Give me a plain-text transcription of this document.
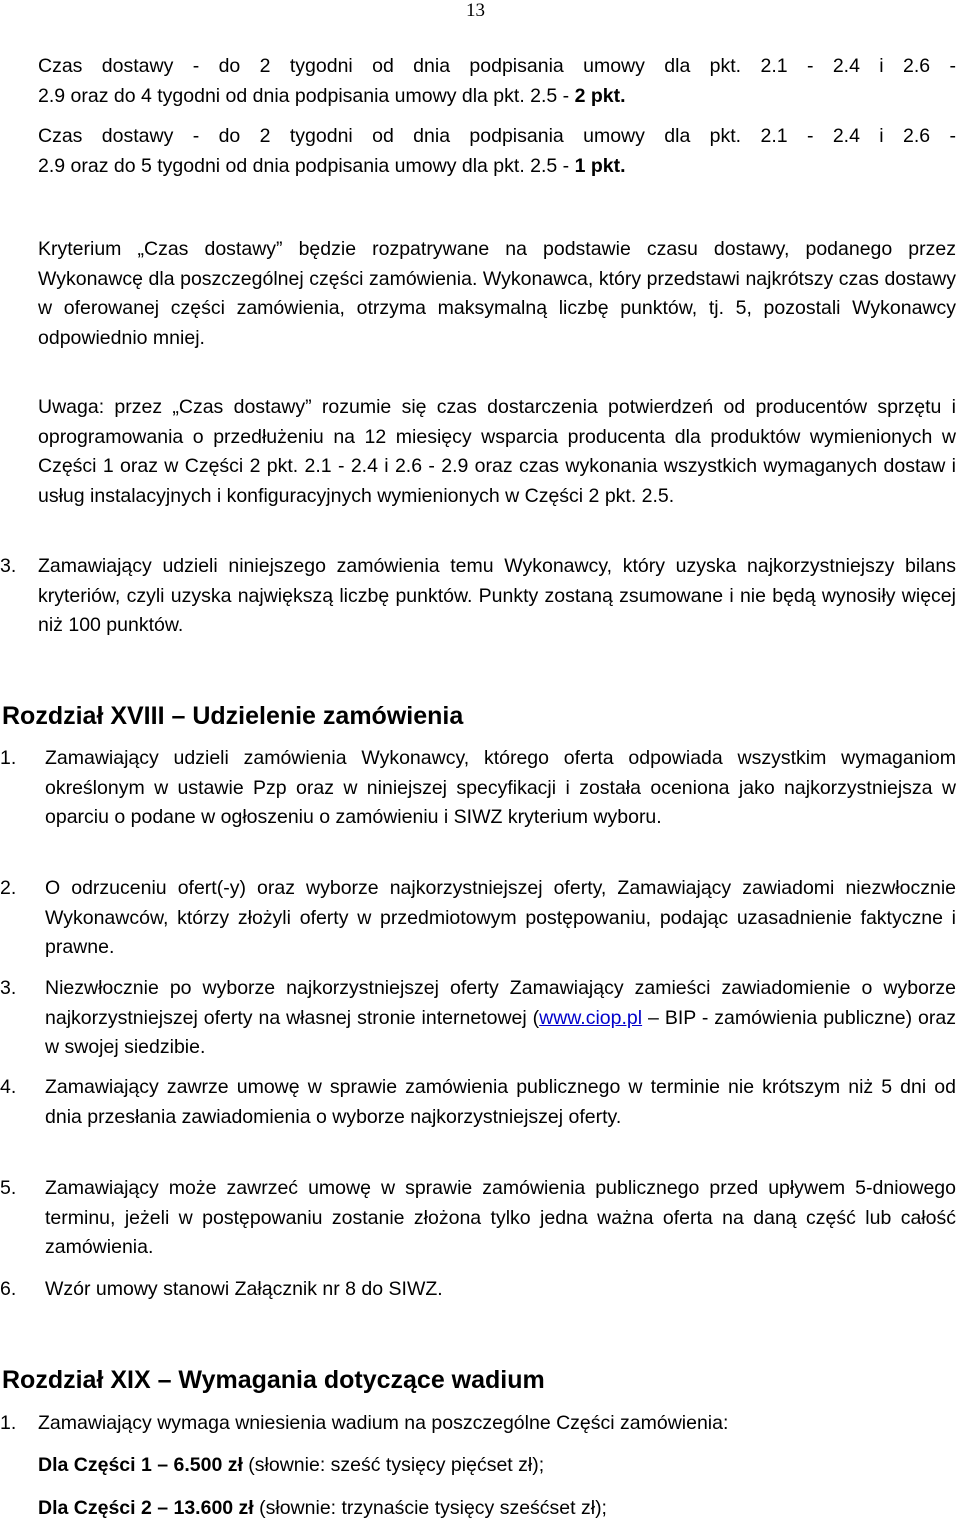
13
Czas dostawy - do 2 tygodni od dnia podpisania umowy dla pkt. 2.1 - 2.4 i 2.6 -
2.9 oraz do 4 tygodni od dnia podpisania umowy dla pkt. 2.5 - 2 pkt.
Czas dostawy - do 2 tygodni od dnia podpisania umowy dla pkt. 2.1 - 2.4 i 2.6 -
2.9 oraz do 5 tygodni od dnia podpisania umowy dla pkt. 2.5 - 1 pkt.
Kryterium „Czas dostawy” będzie rozpatrywane na podstawie czasu dostawy, podanego przez Wykonawcę dla poszczególnej części zamówienia. Wykonawca, który przedstawi najkrótszy czas dostawy w oferowanej części zamówienia, otrzyma maksymalną liczbę punktów, tj. 5, pozostali Wykonawcy odpowiednio mniej.
Uwaga: przez „Czas dostawy” rozumie się czas dostarczenia potwierdzeń od producentów sprzętu i oprogramowania o przedłużeniu na 12 miesięcy wsparcia producenta dla produktów wymienionych w Części 1 oraz w Części 2 pkt. 2.1 - 2.4 i 2.6 - 2.9 oraz czas wykonania wszystkich wymaganych dostaw i usług instalacyjnych i konfiguracyjnych wymienionych w Części 2 pkt. 2.5.
3.	Zamawiający udzieli niniejszego zamówienia temu Wykonawcy, który uzyska najkorzystniejszy bilans kryteriów, czyli uzyska największą liczbę punktów. Punkty zostaną zsumowane i nie będą wynosiły więcej niż 100 punktów.
Rozdział XVIII – Udzielenie zamówienia
1.	Zamawiający udzieli zamówienia Wykonawcy, którego oferta odpowiada wszystkim wymaganiom określonym w ustawie Pzp oraz w niniejszej specyfikacji i została oceniona jako najkorzystniejsza w oparciu o podane w ogłoszeniu o zamówieniu i SIWZ kryterium wyboru.
2.	O odrzuceniu ofert(-y) oraz wyborze najkorzystniejszej oferty, Zamawiający zawiadomi niezwłocznie Wykonawców, którzy złożyli oferty w przedmiotowym postępowaniu, podając uzasadnienie faktyczne i prawne.
3.	Niezwłocznie po wyborze najkorzystniejszej oferty Zamawiający zamieści zawiadomienie o wyborze najkorzystniejszej oferty na własnej stronie internetowej (www.ciop.pl – BIP - zamówienia publiczne) oraz w swojej siedzibie.
4.	Zamawiający zawrze umowę w sprawie zamówienia publicznego w terminie nie krótszym niż 5 dni od dnia przesłania zawiadomienia o wyborze najkorzystniejszej oferty.
5.	Zamawiający może zawrzeć umowę w sprawie zamówienia publicznego przed upływem 5-dniowego terminu, jeżeli w postępowaniu zostanie złożona tylko jedna ważna oferta na daną część lub całość zamówienia.
6.	Wzór umowy stanowi Załącznik nr 8 do SIWZ.
Rozdział XIX – Wymagania dotyczące wadium
1.	Zamawiający wymaga wniesienia wadium na poszczególne Części zamówienia:
Dla Części 1 – 6.500 zł (słownie: sześć tysięcy pięćset zł);
Dla Części 2 – 13.600 zł (słownie: trzynaście tysięcy sześćset zł);
